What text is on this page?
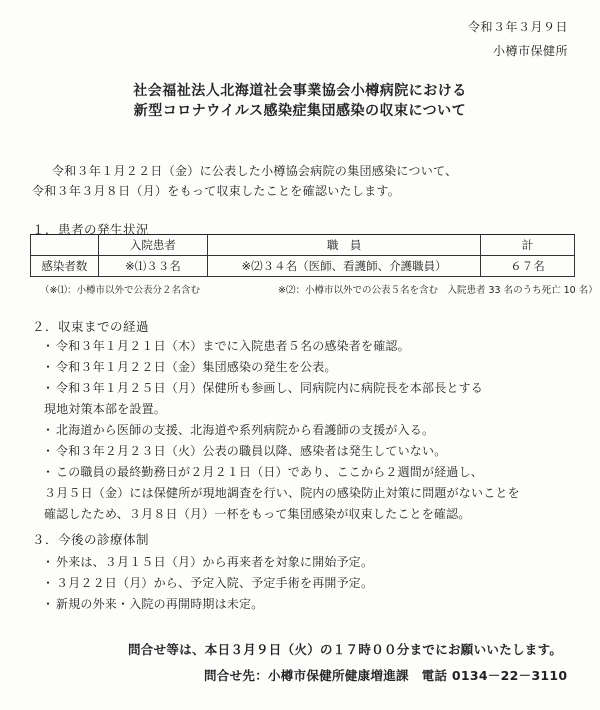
令和３年３月９日
小樽市保健所
社会福祉法人北海道社会事業協会小樽病院における
新型コロナウイルス感染症集団感染の収束について
令和３年１月２２日（金）に公表した小樽協会病院の集団感染について、
令和３年３月８日（月）をもって収束したことを確認いたします。
１．患者の発生状況
	入院患者	職　員	計
感染者数	※⑴３３名	※⑵３４名（医師、看護師、介護職員）	６７名
（※⑴：小樽市以外で公表分２名含む	※⑵：小樽市以外での公表５名を含む　入院患者 33 名のうち死亡 10 名）
２．収束までの経過
・ 令和３年１月２１日（木）までに入院患者５名の感染者を確認。
・ 令和３年１月２２日（金）集団感染の発生を公表。
・ 令和３年１月２５日（月）保健所も参画し、同病院内に病院長を本部長とする
現地対策本部を設置。
・ 北海道から医師の支援、北海道や系列病院から看護師の支援が入る。
・ 令和３年２月２３日（火）公表の職員以降、感染者は発生していない。
・ この職員の最終勤務日が２月２１日（日）であり、ここから２週間が経過し、
３月５日（金）には保健所が現地調査を行い、院内の感染防止対策に問題がないことを
確認したため、３月８日（月）一杯をもって集団感染が収束したことを確認。
３．今後の診療体制
・ 外来は、３月１５日（月）から再来者を対象に開始予定。
・ ３月２２日（月）から、予定入院、予定手術を再開予定。
・ 新規の外来・入院の再開時期は未定。
問合せ等は、本日３月９日（火）の１７時００分までにお願いいたします。
問合せ先：小樽市保健所健康増進課　電話 0134－22－3110
